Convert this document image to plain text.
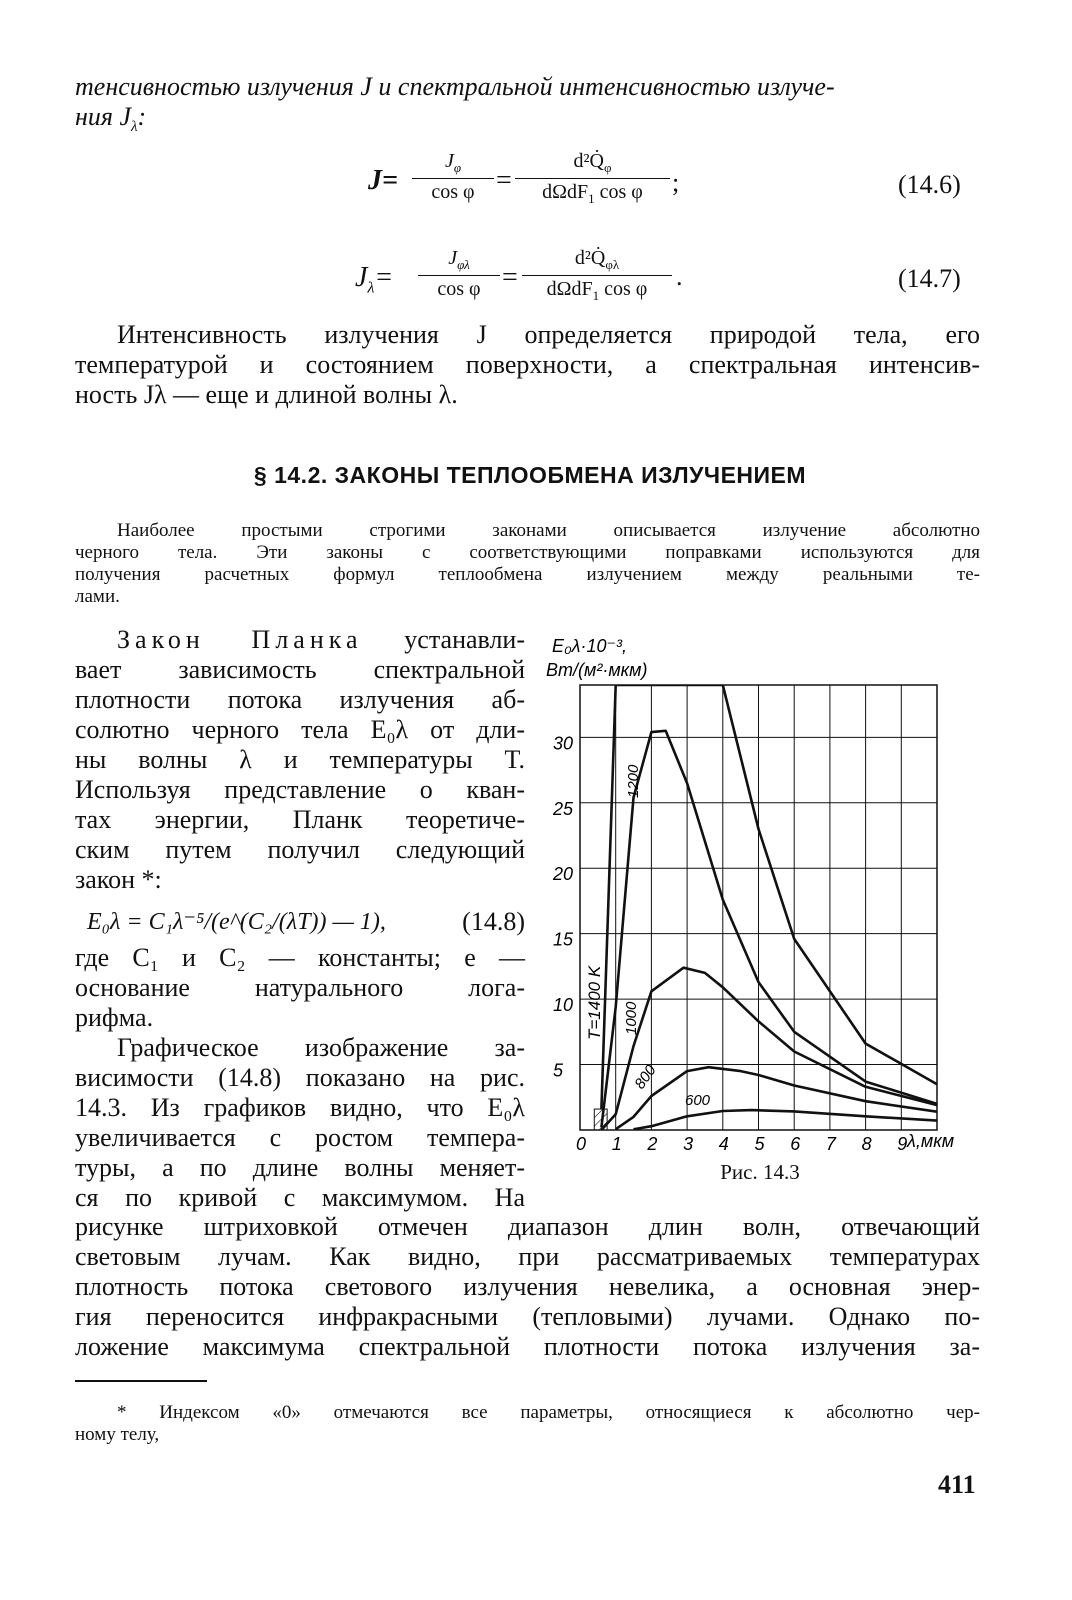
тенсивностью излучения J и спектральной интенсивностью излуче-
ния $J_\lambda$:
$J= \frac{J_\varphi}{\text{cos φ}}$ =
$d^2Q̇_\varphi$
dΩdF$_1$ cos φ	;	(14.6)
$J_\lambda=$
$J_{\varphi\lambda}$
cos φ =
$d^2Q̇_{\varphi\lambda}$
dΩdF$_1$ cos φ	.	(14.7)
Интенсивность излучения J определяется природой тела, его
температурой и состоянием поверхности, а спектральная интенсив-
ность Jλ — еще и длиной волны λ.
§ 14.2. ЗАКОНЫ ТЕПЛООБМЕНА ИЗЛУЧЕНИЕМ
Наиболее простыми строгими законами описывается излучение абсолютно
черного тела. Эти законы с соответствующими поправками используются для
получения расчетных формул теплообмена излучением между реальными те-
лами.
Закон Планка устанавли-
вает зависимость спектральной
плотности потока излучения аб-
солютно черного тела E₀λ от дли-
ны волны λ и температуры T.
Используя представление о кван-
тах энергии, Планк теоретиче-
ским путем получил следующий
закон *:
E₀λ = C₁λ⁻⁵/(e^(C₂/(λT)) — 1),	(14.8)
где C₁ и C₂ — константы; e —
основание натурального лога-
рифма.
Графическое изображение за-
висимости (14.8) показано на рис.
14.3. Из графиков видно, что E₀λ
увеличивается с ростом темпера-
туры, а по длине волны меняет-
ся по кривой с максимумом. На
0 1 2 3 4 5 6 7 8 9
5
10
15
20
25
30
E₀λ·10⁻³,
Вт/(м²·мкм)
λ,мкм
T=1400 K
1200
1000
800
600
Рис. 14.3
рисунке штриховкой отмечен диапазон длин волн, отвечающий
световым лучам. Как видно, при рассматриваемых температурах
плотность потока светового излучения невелика, а основная энер-
гия переносится инфракрасными (тепловыми) лучами. Однако по-
ложение максимума спектральной плотности потока излучения за-
* Индексом «0» отмечаются все параметры, относящиеся к абсолютно чер-
ному телу,
411
